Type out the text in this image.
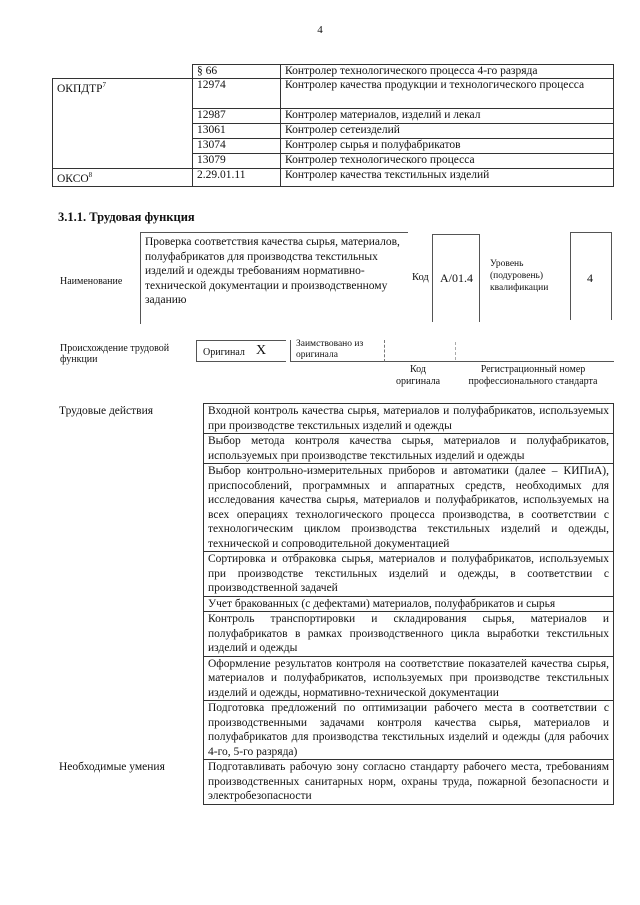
4
	§ 66	Контролер технологического процесса 4-го разряда
ОКПДТР$^7$	12974	Контролер качества продукции и технологического процесса
	12987	Контролер материалов, изделий и лекал
	13061	Контролер сетеизделий
	13074	Контролер сырья и полуфабрикатов
	13079	Контролер технологического процесса
ОКСО$^8$	2.29.01.11	Контролер качества текстильных изделий
3.1.1. Трудовая функция
Наименование
Проверка соответствия качества сырья, материалов, полуфабрикатов для производства текстильных изделий и одежды требованиям нормативно-технической документации и производственному заданию
Код A/01.4
Уровень (подуровень) квалификации
4
Происхождение трудовой функции
Оригинал X	Заимствовано из оригинала
Код оригинала
Регистрационный номер профессионального стандарта
Трудовые действия	Входной контроль качества сырья, материалов и полуфабрикатов, используемых при производстве текстильных изделий и одежды
	Выбор метода контроля качества сырья, материалов и полуфабрикатов, используемых при производстве текстильных изделий и одежды
	Выбор контрольно-измерительных приборов и автоматики (далее – КИПиА), приспособлений, программных и аппаратных средств, необходимых для исследования качества сырья, материалов и полуфабрикатов, используемых на всех операциях технологического процесса производства, в соответствии с технологическим циклом производства текстильных изделий и одежды, технической и сопроводительной документацией
	Сортировка и отбраковка сырья, материалов и полуфабрикатов, используемых при производстве текстильных изделий и одежды, в соответствии с производственной задачей
	Учет бракованных (с дефектами) материалов, полуфабрикатов и сырья
	Контроль транспортировки и складирования сырья, материалов и полуфабрикатов в рамках производственного цикла выработки текстильных изделий и одежды
	Оформление результатов контроля на соответствие показателей качества сырья, материалов и полуфабрикатов, используемых при производстве текстильных изделий и одежды, нормативно-технической документации
	Подготовка предложений по оптимизации рабочего места в соответствии с производственными задачами контроля качества сырья, материалов и полуфабрикатов для производства текстильных изделий и одежды (для рабочих 4-го, 5-го разряда)
Необходимые умения	Подготавливать рабочую зону согласно стандарту рабочего места, требованиям производственных санитарных норм, охраны труда, пожарной безопасности и электробезопасности
